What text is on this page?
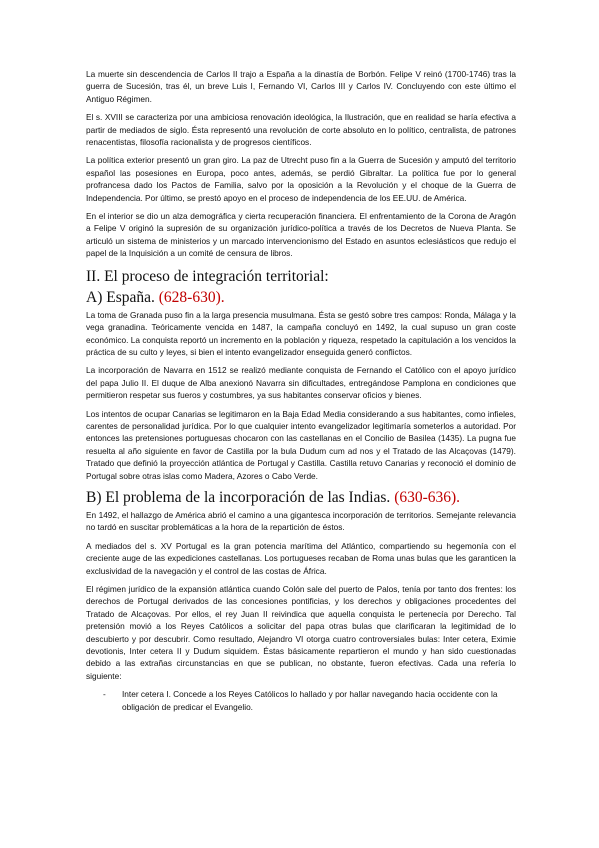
La muerte sin descendencia de Carlos II trajo a España a la dinastía de Borbón. Felipe V reinó (1700-1746) tras la guerra de Sucesión, tras él, un breve Luis I, Fernando VI, Carlos III y Carlos IV. Concluyendo con este último el Antiguo Régimen.

El s. XVIII se caracteriza por una ambiciosa renovación ideológica, la Ilustración, que en realidad se haría efectiva a partir de mediados de siglo. Ésta representó una revolución de corte absoluto en lo político, centralista, de patrones renacentistas, filosofía racionalista y de progresos científicos.

La política exterior presentó un gran giro. La paz de Utrecht puso fin a la Guerra de Sucesión y amputó del territorio español las posesiones en Europa, poco antes, además, se perdió Gibraltar. La política fue por lo general profrancesa dado los Pactos de Familia, salvo por la oposición a la Revolución y el choque de la Guerra de Independencia. Por último, se prestó apoyo en el proceso de independencia de los EE.UU. de América.

En el interior se dio un alza demográfica y cierta recuperación financiera. El enfrentamiento de la Corona de Aragón a Felipe V originó la supresión de su organización jurídico-política a través de los Decretos de Nueva Planta. Se articuló un sistema de ministerios y un marcado intervencionismo del Estado en asuntos eclesiásticos que redujo el papel de la Inquisición a un comité de censura de libros.

II. El proceso de integración territorial:
A) España. (628-630).

La toma de Granada puso fin a la larga presencia musulmana. Ésta se gestó sobre tres campos: Ronda, Málaga y la vega granadina. Teóricamente vencida en 1487, la campaña concluyó en 1492, la cual supuso un gran coste económico. La conquista reportó un incremento en la población y riqueza, respetado la capitulación a los vencidos la práctica de su culto y leyes, si bien el intento evangelizador enseguida generó conflictos.

La incorporación de Navarra en 1512 se realizó mediante conquista de Fernando el Católico con el apoyo jurídico del papa Julio II. El duque de Alba anexionó Navarra sin dificultades, entregándose Pamplona en condiciones que permitieron respetar sus fueros y costumbres, ya sus habitantes conservar oficios y bienes.

Los intentos de ocupar Canarias se legitimaron en la Baja Edad Media considerando a sus habitantes, como infieles, carentes de personalidad jurídica. Por lo que cualquier intento evangelizador legitimaría someterlos a autoridad. Por entonces las pretensiones portuguesas chocaron con las castellanas en el Concilio de Basilea (1435). La pugna fue resuelta al año siguiente en favor de Castilla por la bula Dudum cum ad nos y el Tratado de las Alcaçovas (1479). Tratado que definió la proyección atlántica de Portugal y Castilla. Castilla retuvo Canarias y reconoció el dominio de Portugal sobre otras islas como Madera, Azores o Cabo Verde.

B) El problema de la incorporación de las Indias. (630-636).

En 1492, el hallazgo de América abrió el camino a una gigantesca incorporación de territorios. Semejante relevancia no tardó en suscitar problemáticas a la hora de la repartición de éstos.

A mediados del s. XV Portugal es la gran potencia marítima del Atlántico, compartiendo su hegemonía con el creciente auge de las expediciones castellanas. Los portugueses recaban de Roma unas bulas que les garanticen la exclusividad de la navegación y el control de las costas de África.

El régimen jurídico de la expansión atlántica cuando Colón sale del puerto de Palos, tenía por tanto dos frentes: los derechos de Portugal derivados de las concesiones pontificias, y los derechos y obligaciones procedentes del Tratado de Alcaçovas. Por ellos, el rey Juan II reivindica que aquella conquista le pertenecía por Derecho. Tal pretensión movió a los Reyes Católicos a solicitar del papa otras bulas que clarificaran la legitimidad de lo descubierto y por descubrir. Como resultado, Alejandro VI otorga cuatro controversiales bulas: Inter cetera, Eximie devotionis, Inter cetera II y Dudum siquidem. Éstas básicamente repartieron el mundo y han sido cuestionadas debido a las extrañas circunstancias en que se publican, no obstante, fueron efectivas. Cada una refería lo siguiente:

- Inter cetera I. Concede a los Reyes Católicos lo hallado y por hallar navegando hacia occidente con la obligación de predicar el Evangelio.
